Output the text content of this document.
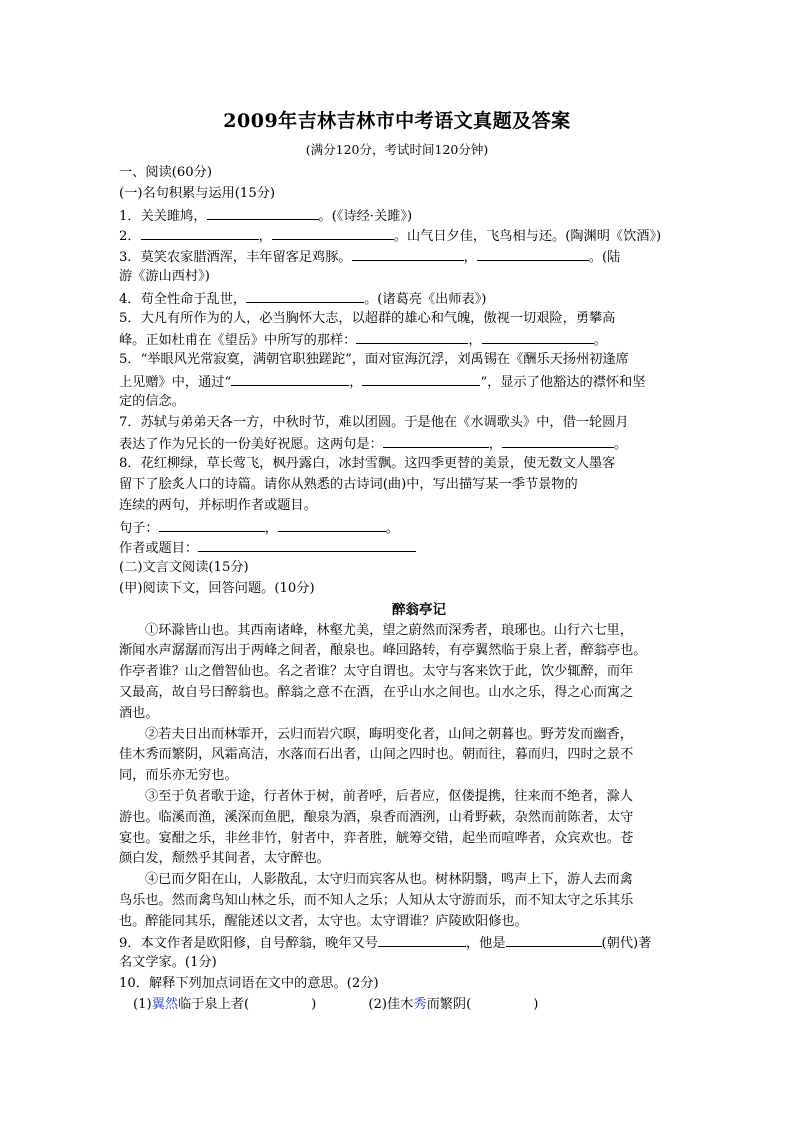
2009年吉林吉林市中考语文真题及答案
(满分120分，考试时间120分钟)
一、阅读(60分)
(一)名句积累与运用(15分)
1．关关雎鸠，	。(《诗经·关雎》)
2．	，	。山气日夕佳，飞鸟相与还。(陶渊明《饮酒》)
3．莫笑农家腊酒浑，丰年留客足鸡豚。	，	。(陆
游《游山西村》)
4．苟全性命于乱世，	。(诸葛亮《出师表》)
5．大凡有所作为的人，必当胸怀大志，以超群的雄心和气魄，傲视一切艰险，勇攀高
峰。正如杜甫在《望岳》中所写的那样：	，	。
5．“举眼风光常寂寞，满朝官职独蹉跎”，面对宦海沉浮，刘禹锡在《酬乐天扬州初逢席
上见赠》中，通过“	，	”，显示了他豁达的襟怀和坚
定的信念。
7．苏轼与弟弟天各一方，中秋时节，难以团圆。于是他在《水调歌头》中，借一轮圆月
表达了作为兄长的一份美好祝愿。这两句是：	，	。
8．花红柳绿，草长莺飞，枫丹露白，冰封雪飘。这四季更替的美景，使无数文人墨客
留下了脍炙人口的诗篇。请你从熟悉的古诗词(曲)中，写出描写某一季节景物的
连续的两句，并标明作者或题目。
句子：	，	。
作者或题目：
(二)文言文阅读(15分)
(甲)阅读下文，回答问题。(10分)
醉翁亭记
①环滁皆山也。其西南诸峰，林壑尤美，望之蔚然而深秀者，琅琊也。山行六七里，
渐闻水声潺潺而泻出于两峰之间者，酿泉也。峰回路转，有亭翼然临于泉上者，醉翁亭也。
作亭者谁？山之僧智仙也。名之者谁？太守自谓也。太守与客来饮于此，饮少辄醉，而年
又最高，故自号曰醉翁也。醉翁之意不在酒，在乎山水之间也。山水之乐，得之心而寓之
酒也。
②若夫日出而林霏开，云归而岩穴暝，晦明变化者，山间之朝暮也。野芳发而幽香，
佳木秀而繁阴，风霜高洁，水落而石出者，山间之四时也。朝而往，暮而归，四时之景不
同，而乐亦无穷也。
③至于负者歌于途，行者休于树，前者呼，后者应，伛偻提携，往来而不绝者，滁人
游也。临溪而渔，溪深而鱼肥，酿泉为酒，泉香而酒洌，山肴野蔌，杂然而前陈者，太守
宴也。宴酣之乐，非丝非竹，射者中，弈者胜，觥筹交错，起坐而喧哗者，众宾欢也。苍
颜白发，颓然乎其间者，太守醉也。
④已而夕阳在山，人影散乱，太守归而宾客从也。树林阴翳，鸣声上下，游人去而禽
鸟乐也。然而禽鸟知山林之乐，而不知人之乐；人知从太守游而乐，而不知太守之乐其乐
也。醉能同其乐，醒能述以文者，太守也。太守谓谁？庐陵欧阳修也。
9．本文作者是欧阳修，自号醉翁，晚年又号	，他是	(朝代)著
名文学家。(1分)
10．解释下列加点词语在文中的意思。(2分)
(1)翼然临于泉上者(	)	(2)佳木秀而繁阴(	)
